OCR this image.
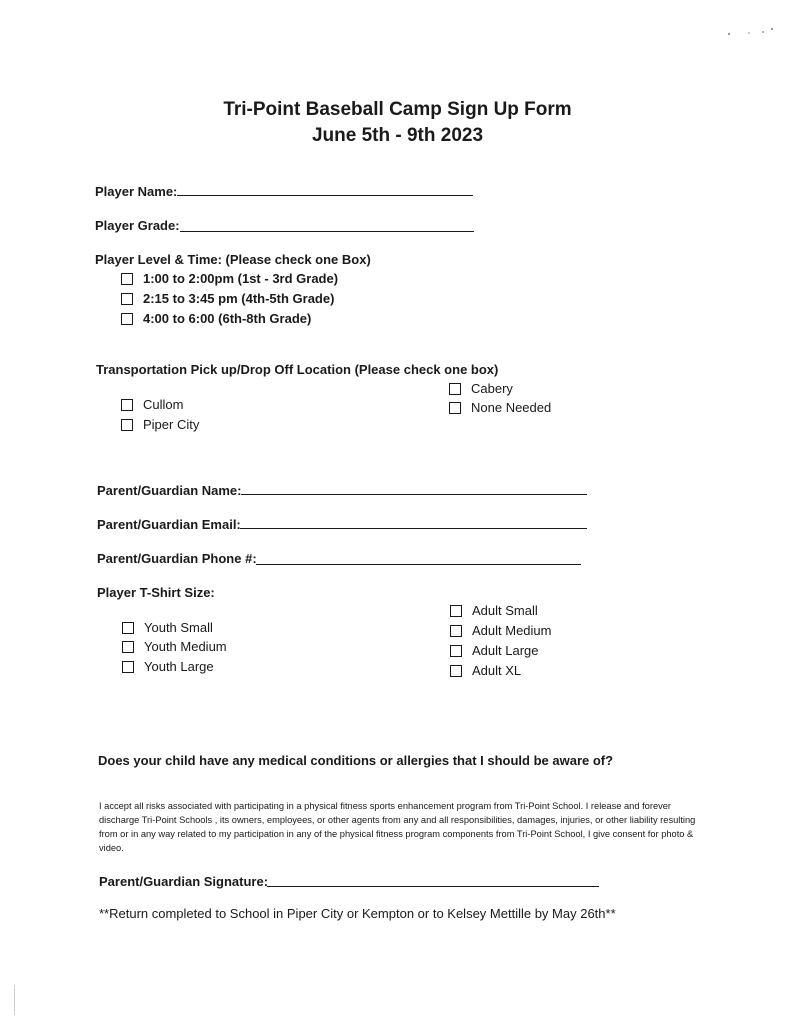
Tri-Point Baseball Camp Sign Up Form
June 5th - 9th 2023
Player Name:
Player Grade:
Player Level & Time: (Please check one Box)
1:00 to 2:00pm (1st - 3rd Grade)
2:15 to 3:45 pm (4th-5th Grade)
4:00 to 6:00 (6th-8th Grade)
Transportation Pick up/Drop Off Location (Please check one box)
Cabery
None Needed
Cullom
Piper City
Parent/Guardian Name:
Parent/Guardian Email:
Parent/Guardian Phone #:
Player T-Shirt Size:
Adult Small
Adult Medium
Adult Large
Adult XL
Youth Small
Youth Medium
Youth Large
Does your child have any medical conditions or allergies that I should be aware of?
I accept all risks associated with participating in a physical fitness sports enhancement program from Tri-Point School. I release and forever discharge Tri-Point Schools , its owners, employees, or other agents from any and all responsibilities, damages, injuries, or other liability resulting from or in any way related to my participation in any of the physical fitness program components from Tri-Point School, I give consent for photo & video.
Parent/Guardian Signature:
**Return completed to School in Piper City or Kempton or to Kelsey Mettille by May 26th**
